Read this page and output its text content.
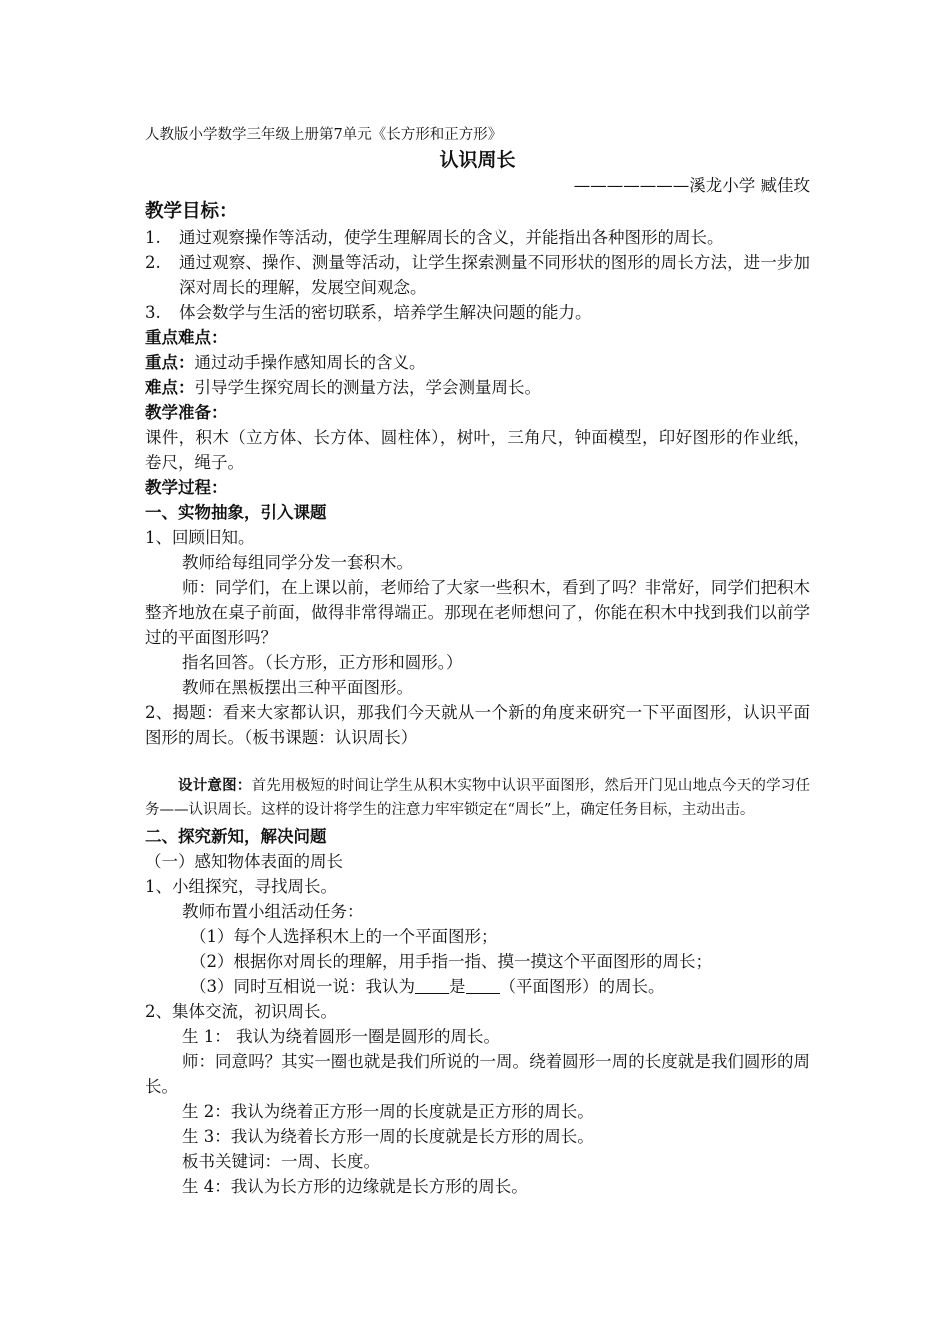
人教版小学数学三年级上册第7单元《长方形和正方形》
认识周长
———————溪龙小学 臧佳玫
教学目标：
1.	通过观察操作等活动，使学生理解周长的含义，并能指出各种图形的周长。
2.	通过观察、操作、测量等活动，让学生探索测量不同形状的图形的周长方法，进一步加深对周长的理解，发展空间观念。
3.	体会数学与生活的密切联系，培养学生解决问题的能力。
重点难点：
重点：通过动手操作感知周长的含义。
难点：引导学生探究周长的测量方法，学会测量周长。
教学准备：
课件，积木（立方体、长方体、圆柱体），树叶，三角尺，钟面模型，印好图形的作业纸，卷尺，绳子。
教学过程：
一、实物抽象，引入课题
1、回顾旧知。
教师给每组同学分发一套积木。
师：同学们，在上课以前，老师给了大家一些积木，看到了吗？非常好，同学们把积木整齐地放在桌子前面，做得非常得端正。那现在老师想问了，你能在积木中找到我们以前学过的平面图形吗？
指名回答。（长方形，正方形和圆形。）
教师在黑板摆出三种平面图形。
2、揭题：看来大家都认识，那我们今天就从一个新的角度来研究一下平面图形，认识平面图形的周长。（板书课题：认识周长）
设计意图：首先用极短的时间让学生从积木实物中认识平面图形，然后开门见山地点今天的学习任务——认识周长。这样的设计将学生的注意力牢牢锁定在“周长”上，确定任务目标，主动出击。
二、探究新知，解决问题
（一）感知物体表面的周长
1、小组探究，寻找周长。
教师布置小组活动任务：
（1）每个人选择积木上的一个平面图形；
（2）根据你对周长的理解，用手指一指、摸一摸这个平面图形的周长；
（3）同时互相说一说：我认为 是 （平面图形）的周长。
2、集体交流，初识周长。
生 1： 我认为绕着圆形一圈是圆形的周长。
师：同意吗？其实一圈也就是我们所说的一周。绕着圆形一周的长度就是我们圆形的周长。
生 2：我认为绕着正方形一周的长度就是正方形的周长。
生 3：我认为绕着长方形一周的长度就是长方形的周长。
板书关键词：一周、长度。
生 4：我认为长方形的边缘就是长方形的周长。
